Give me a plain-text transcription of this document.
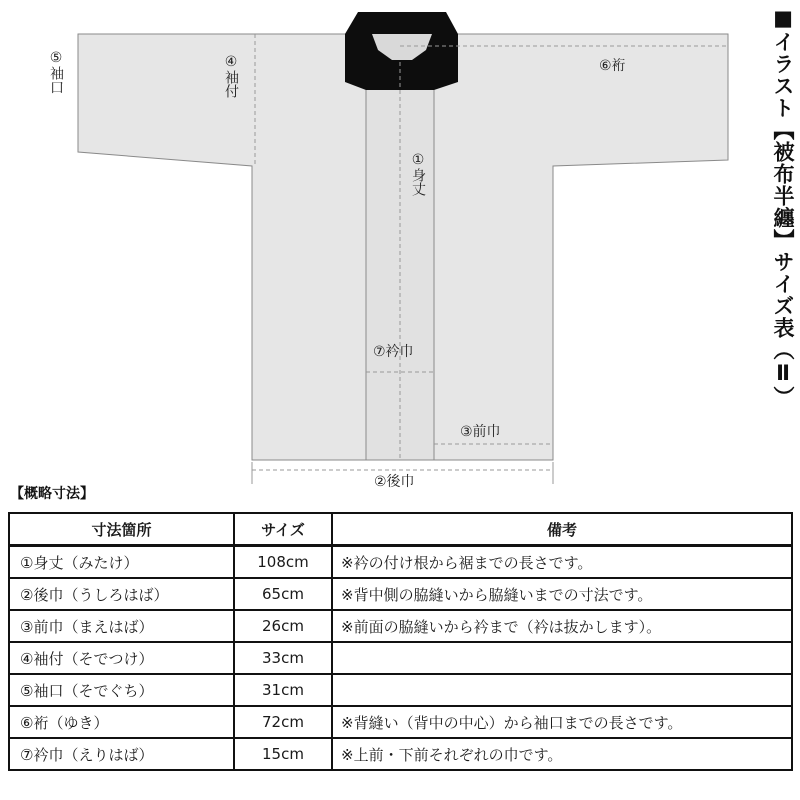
⑤袖口	④袖付
①身丈
⑥裄
⑦衿巾
③前巾
②後巾
■イラスト【被布半纏】サイズ表（Ⅱ）
【概略寸法】
寸法箇所	サイズ	備考
①身丈（みたけ）	108cm	※衿の付け根から裾までの長さです。
②後巾（うしろはば）	65cm	※背中側の脇縫いから脇縫いまでの寸法です。
③前巾（まえはば）	26cm	※前面の脇縫いから衿まで（衿は抜かします）。
④袖付（そでつけ）	33cm	
⑤袖口（そでぐち）	31cm	
⑥裄（ゆき）	72cm	※背縫い（背中の中心）から袖口までの長さです。
⑦衿巾（えりはば）	15cm	※上前・下前それぞれの巾です。
